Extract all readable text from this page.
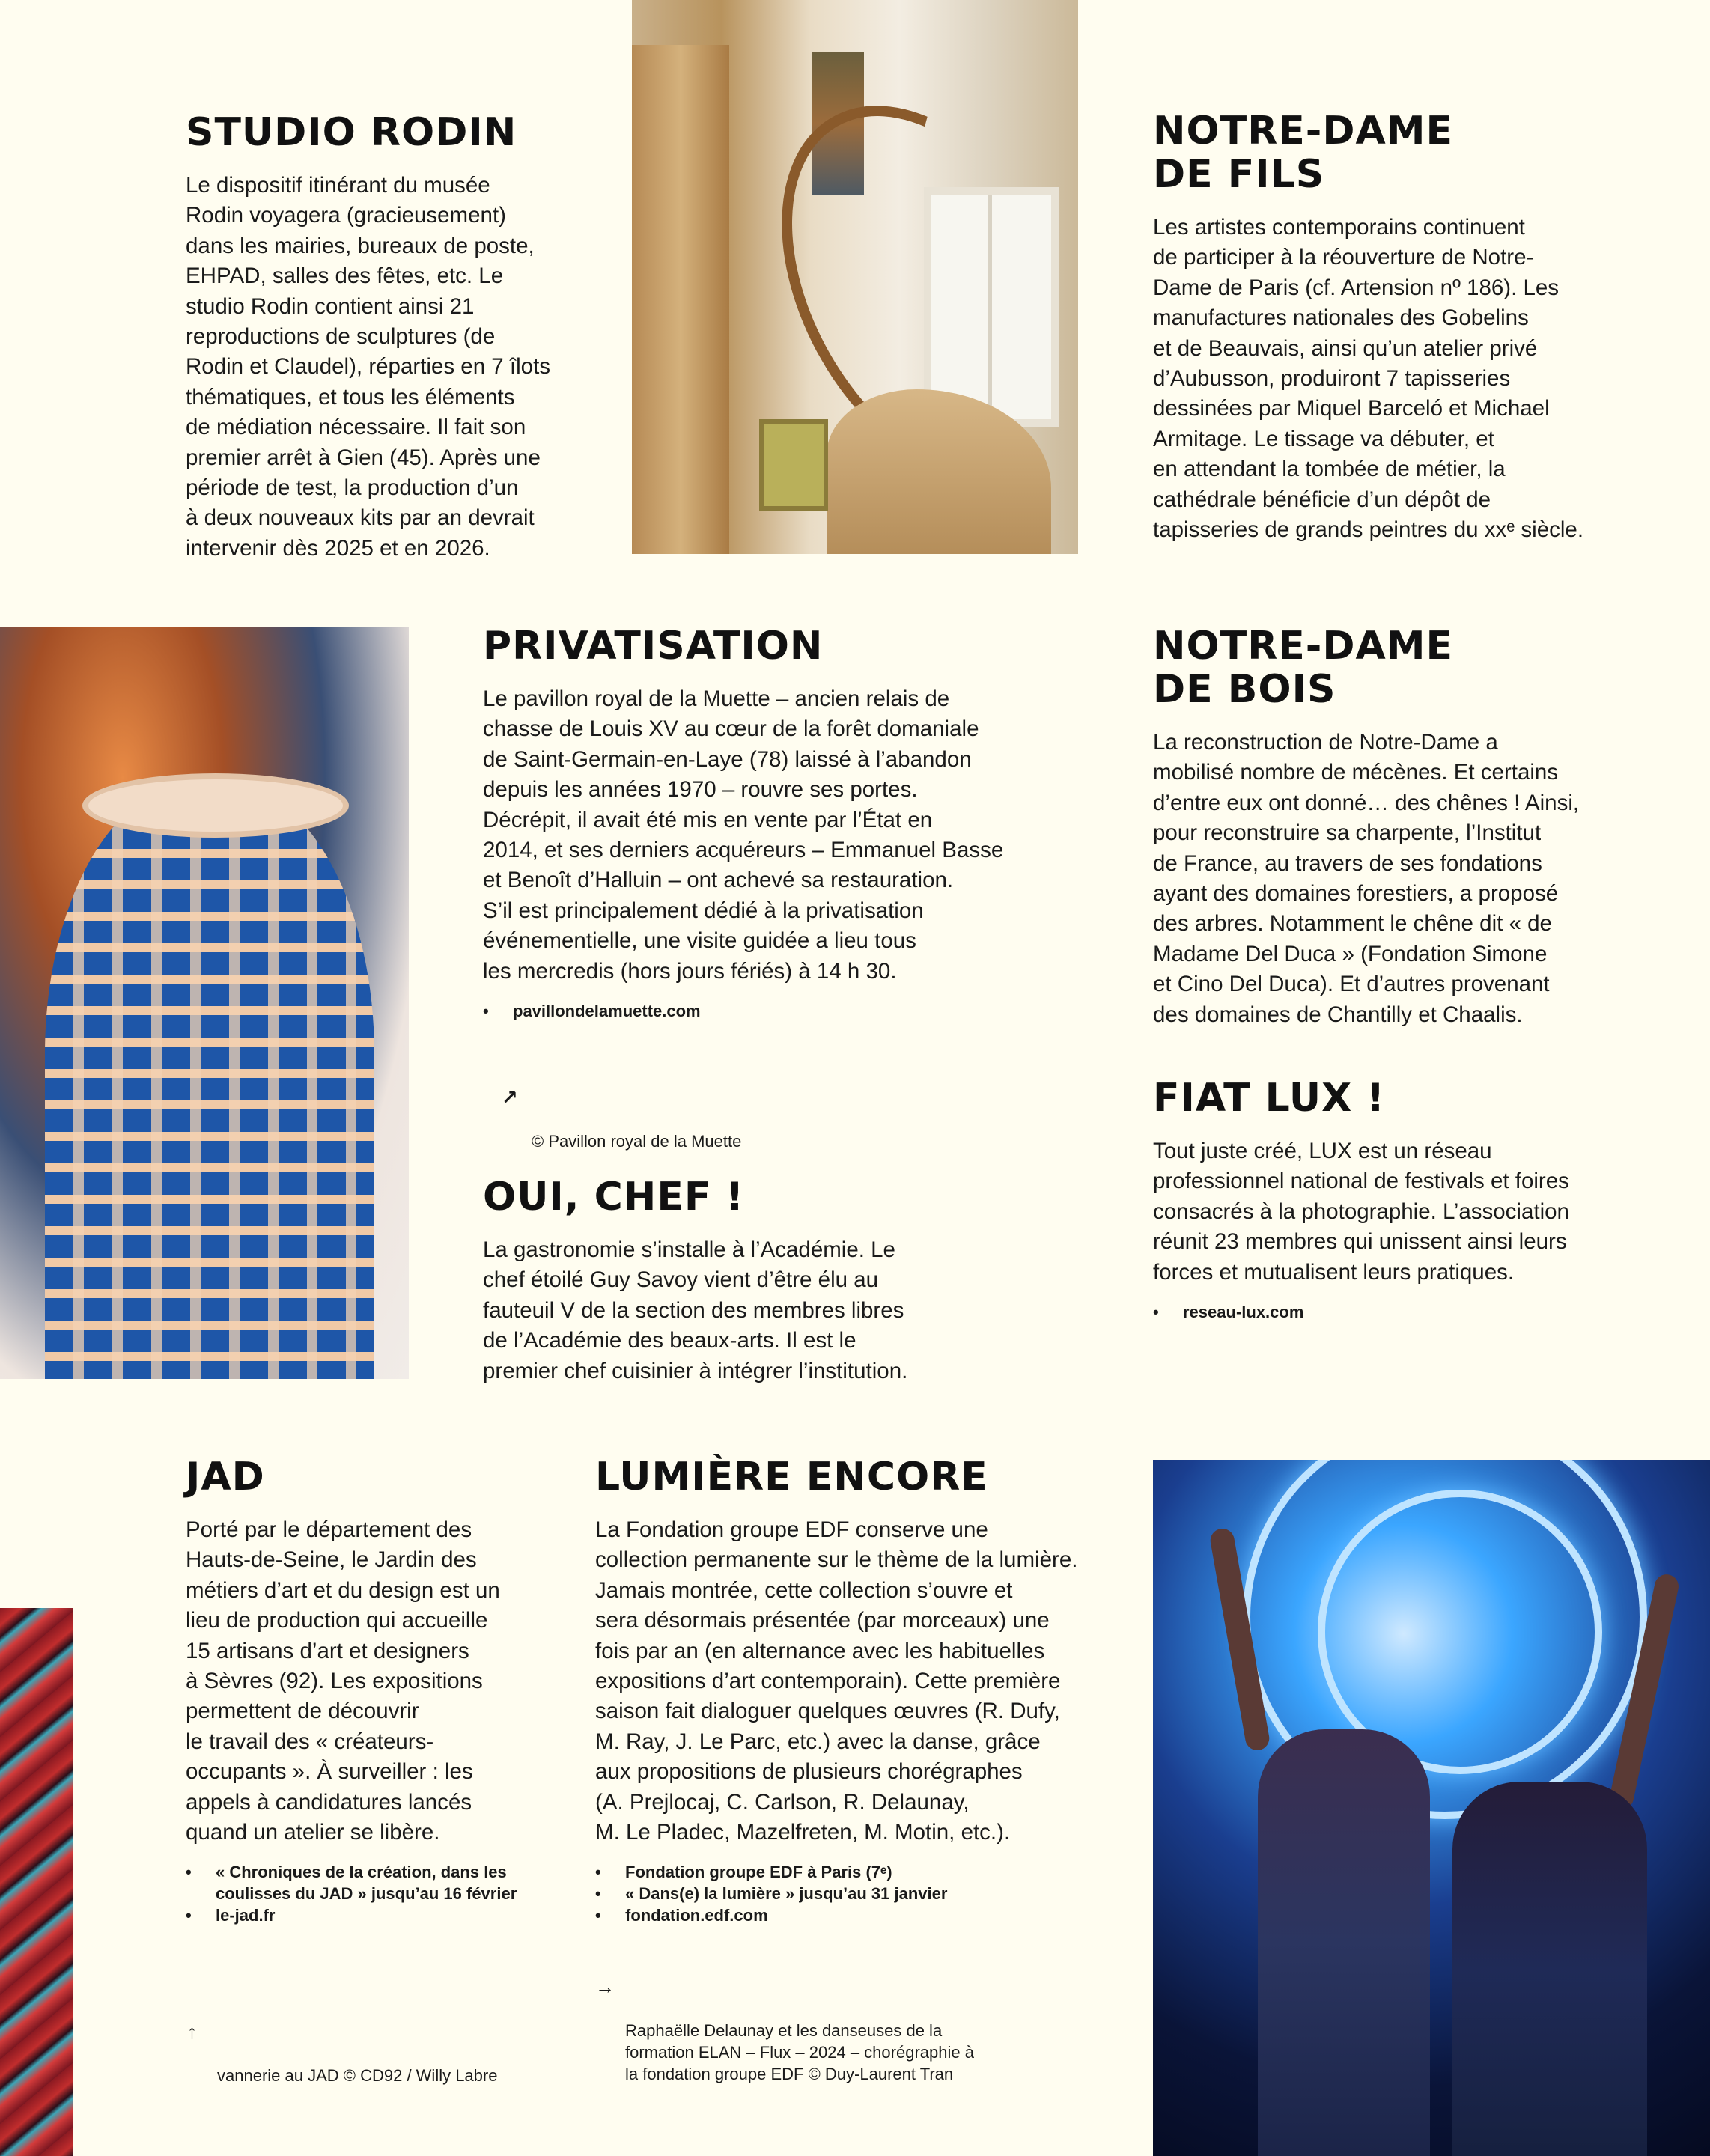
STUDIO RODIN

Le dispositif itinérant du musée
Rodin voyagera (gracieusement)
dans les mairies, bureaux de poste,
EHPAD, salles des fêtes, etc. Le
studio Rodin contient ainsi 21
reproductions de sculptures (de
Rodin et Claudel), réparties en 7 îlots
thématiques, et tous les éléments
de médiation nécessaire. Il fait son
premier arrêt à Gien (45). Après une
période de test, la production d’un
à deux nouveaux kits par an devrait
intervenir dès 2025 et en 2026.

NOTRE-DAME
DE FILS

Les artistes contemporains continuent
de participer à la réouverture de Notre-
Dame de Paris (cf. Artension nº 186). Les
manufactures nationales des Gobelins
et de Beauvais, ainsi qu’un atelier privé
d’Aubusson, produiront 7 tapisseries
dessinées par Miquel Barceló et Michael
Armitage. Le tissage va débuter, et
en attendant la tombée de métier, la
cathédrale bénéficie d’un dépôt de
tapisseries de grands peintres du xxᵉ siècle.

PRIVATISATION

Le pavillon royal de la Muette – ancien relais de
chasse de Louis XV au cœur de la forêt domaniale
de Saint-Germain-en-Laye (78) laissé à l’abandon
depuis les années 1970 – rouvre ses portes.
Décrépit, il avait été mis en vente par l’État en
2014, et ses derniers acquéreurs – Emmanuel Basse
et Benoît d’Halluin – ont achevé sa restauration.
S’il est principalement dédié à la privatisation
événementielle, une visite guidée a lieu tous
les mercredis (hors jours fériés) à 14 h 30.

• pavillondelamuette.com

↗

© Pavillon royal de la Muette

NOTRE-DAME
DE BOIS

La reconstruction de Notre-Dame a
mobilisé nombre de mécènes. Et certains
d’entre eux ont donné… des chênes ! Ainsi,
pour reconstruire sa charpente, l’Institut
de France, au travers de ses fondations
ayant des domaines forestiers, a proposé
des arbres. Notamment le chêne dit « de
Madame Del Duca » (Fondation Simone
et Cino Del Duca). Et d’autres provenant
des domaines de Chantilly et Chaalis.

OUI, CHEF !

La gastronomie s’installe à l’Académie. Le
chef étoilé Guy Savoy vient d’être élu au
fauteuil V de la section des membres libres
de l’Académie des beaux-arts. Il est le
premier chef cuisinier à intégrer l’institution.

FIAT LUX !

Tout juste créé, LUX est un réseau
professionnel national de festivals et foires
consacrés à la photographie. L’association
réunit 23 membres qui unissent ainsi leurs
forces et mutualisent leurs pratiques.

• reseau-lux.com
JAD

Porté par le département des
Hauts-de-Seine, le Jardin des
métiers d’art et du design est un
lieu de production qui accueille
15 artisans d’art et designers
à Sèvres (92). Les expositions
permettent de découvrir
le travail des « créateurs-
occupants ». À surveiller : les
appels à candidatures lancés
quand un atelier se libère.

• « Chroniques de la création, dans les
coulisses du JAD » jusqu’au 16 février
• le-jad.fr

↑

vannerie au JAD © CD92 / Willy Labre

LUMIÈRE ENCORE

La Fondation groupe EDF conserve une
collection permanente sur le thème de la lumière.
Jamais montrée, cette collection s’ouvre et
sera désormais présentée (par morceaux) une
fois par an (en alternance avec les habituelles
expositions d’art contemporain). Cette première
saison fait dialoguer quelques œuvres (R. Dufy,
M. Ray, J. Le Parc, etc.) avec la danse, grâce
aux propositions de plusieurs chorégraphes
(A. Prejlocaj, C. Carlson, R. Delaunay,
M. Le Pladec, Mazelfreten, M. Motin, etc.).

• Fondation groupe EDF à Paris (7ᵉ)
• « Dans(e) la lumière » jusqu’au 31 janvier
• fondation.edf.com

→

Raphaëlle Delaunay et les danseuses de la
formation ELAN – Flux – 2024 – chorégraphie à
la fondation groupe EDF © Duy-Laurent Tran
